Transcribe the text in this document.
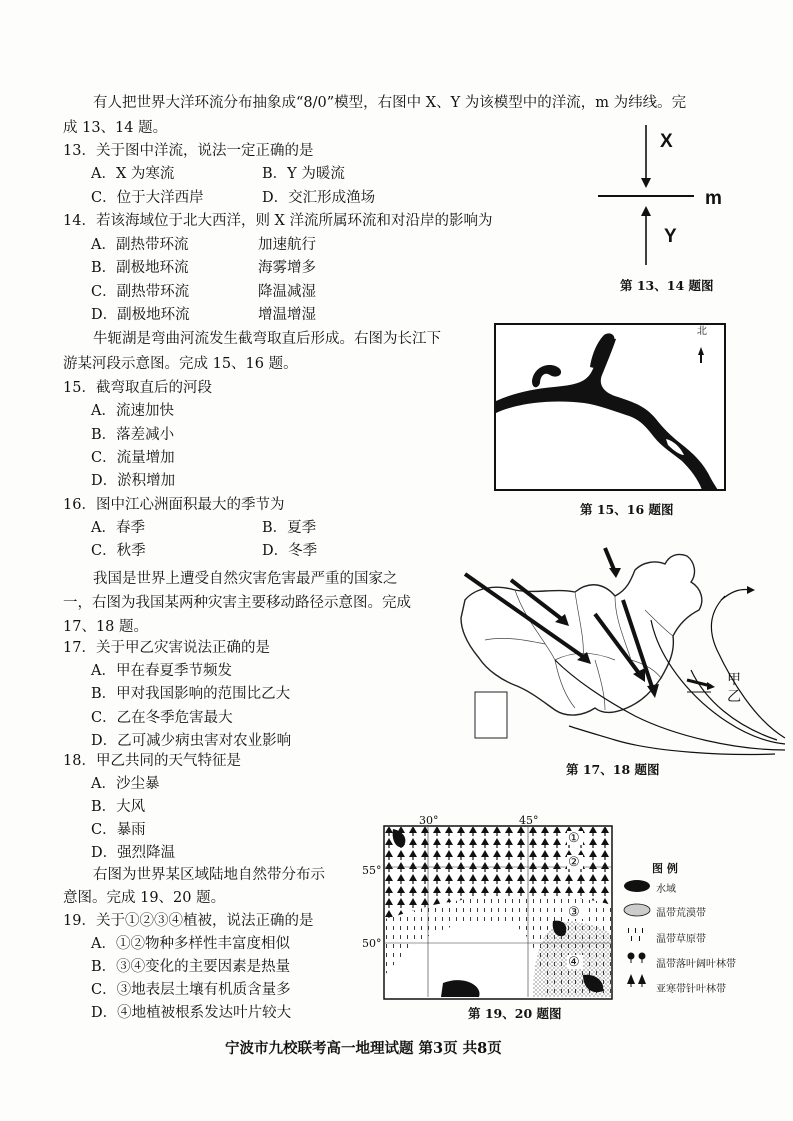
有人把世界大洋环流分布抽象成“8/0”模型，右图中 X、Y 为该模型中的洋流，m 为纬线。完
成 13、14 题。
13．关于图中洋流，说法一定正确的是
A．X 为寒流	B．Y 为暖流
C．位于大洋西岸	D．交汇形成渔场
14．若该海域位于北大西洋，则 X 洋流所属环流和对沿岸的影响为
A．副热带环流	加速航行
B．副极地环流	海雾增多
C．副热带环流	降温减湿
D．副极地环流	增温增湿
X
m
Y
第 13、14 题图
牛轭湖是弯曲河流发生截弯取直后形成。右图为长江下
游某河段示意图。完成 15、16 题。
15．截弯取直后的河段
A．流速加快
B．落差减小
C．流量增加
D．淤积增加
北
第 15、16 题图
16．图中江心洲面积最大的季节为
A．春季	B．夏季
C．秋季	D．冬季
我国是世界上遭受自然灾害危害最严重的国家之
一，右图为我国某两种灾害主要移动路径示意图。完成
17、18 题。
17．关于甲乙灾害说法正确的是
A．甲在春夏季节频发
B．甲对我国影响的范围比乙大
C．乙在冬季危害最大
D．乙可减少病虫害对农业影响
甲
乙
第 17、18 题图
18．甲乙共同的天气特征是
A．沙尘暴
B．大风
C．暴雨
D．强烈降温
右图为世界某区域陆地自然带分布示
意图。完成 19、20 题。
19．关于①②③④植被，说法正确的是
A．①②物种多样性丰富度相似
B．③④变化的主要因素是热量
C．③地表层土壤有机质含量多
D．④地植被根系发达叶片较大
30°	45°
55°
50°
①
②
③
④
第 19、20 题图
图 例
水域
温带荒漠带
温带草原带
温带落叶阔叶林带
亚寒带针叶林带
宁波市九校联考高一地理试题 第3页 共8页
